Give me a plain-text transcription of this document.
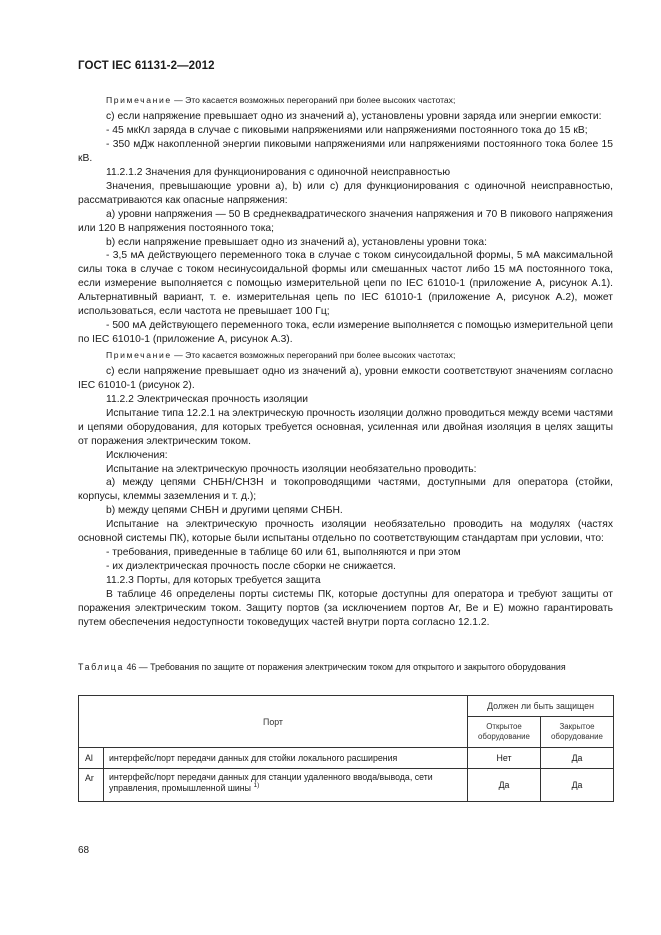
ГОСТ IEC 61131-2—2012

Примечание — Это касается возможных перегораний при более высоких частотах;

c) если напряжение превышает одно из значений а), установлены уровни заряда или энергии емкости:

- 45 мкКл заряда в случае с пиковыми напряжениями или напряжениями постоянного тока до 15 кВ;

- 350 мДж накопленной энергии пиковыми напряжениями или напряжениями постоянного тока более 15 кВ.

11.2.1.2 Значения для функционирования с одиночной неисправностью

Значения, превышающие уровни а), b) или с) для функционирования с одиночной неисправностью, рассматриваются как опасные напряжения:

а) уровни напряжения — 50 В среднеквадратического значения напряжения и 70 В пикового напряжения или 120 В напряжения постоянного тока;

b) если напряжение превышает одно из значений а), установлены уровни тока:

- 3,5 мА действующего переменного тока в случае с током синусоидальной формы, 5 мА максимальной силы тока в случае с током несинусоидальной формы или смешанных частот либо 15 мА постоянного тока, если измерение выполняется с помощью измерительной цепи по IEC 61010-1 (приложение А, рисунок А.1). Альтернативный вариант, т. е. измерительная цепь по IEC 61010-1 (приложение А, рисунок А.2), может использоваться, если частота не превышает 100 Гц;

- 500 мА действующего переменного тока, если измерение выполняется с помощью измерительной цепи по IEC 61010-1 (приложение А, рисунок А.3).

Примечание — Это касается возможных перегораний при более высоких частотах;

с) если напряжение превышает одно из значений а), уровни емкости соответствуют значениям согласно IEC 61010-1 (рисунок 2).

11.2.2 Электрическая прочность изоляции

Испытание типа 12.2.1 на электрическую прочность изоляции должно проводиться между всеми частями и цепями оборудования, для которых требуется основная, усиленная или двойная изоляция в целях защиты от поражения электрическим током.

Исключения:

Испытание на электрическую прочность изоляции необязательно проводить:

а) между цепями СНБН/СНЗН и токопроводящими частями, доступными для оператора (стойки, корпусы, клеммы заземления и т. д.);

b) между цепями СНБН и другими цепями СНБН.

Испытание на электрическую прочность изоляции необязательно проводить на модулях (частях основной системы ПК), которые были испытаны отдельно по соответствующим стандартам при условии, что:

- требования, приведенные в таблице 60 или 61, выполняются и при этом

- их диэлектрическая прочность после сборки не снижается.

11.2.3 Порты, для которых требуется защита

В таблице 46 определены порты системы ПК, которые доступны для оператора и требуют защиты от поражения электрическим током. Защиту портов (за исключением портов Ar, Ве и Е) можно гарантировать путем обеспечения недоступности токоведущих частей внутри порта согласно 12.1.2.

Таблица 46 — Требования по защите от поражения электрическим током для открытого и закрытого оборудования
Порт		Должен ли быть защищен	
		Открытое оборудование	Закрытое оборудование
Al	интерфейс/порт передачи данных для стойки локального расширения	Нет	Да
Ar	интерфейс/порт передачи данных для станции удаленного ввода/вывода, сети управления, промышленной шины $^{1)}$	Да	Да
68
